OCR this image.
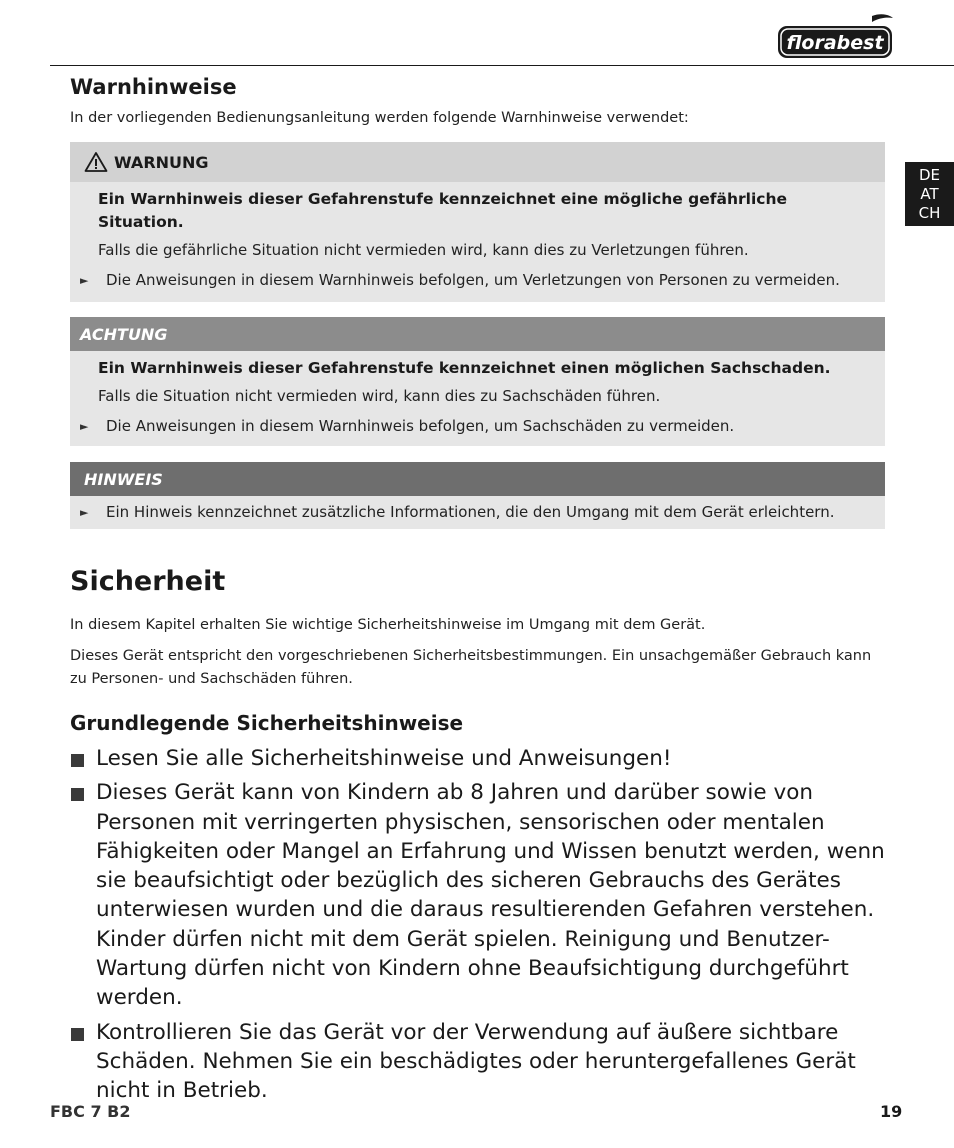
florabest
DE
AT
CH
Warnhinweise
In der vorliegenden Bedienungsanleitung werden folgende Warnhinweise verwendet:
WARNUNG
Ein Warnhinweis dieser Gefahrenstufe kennzeichnet eine mögliche gefährliche Situation.
Falls die gefährliche Situation nicht vermieden wird, kann dies zu Verletzungen führen.
►	Die Anweisungen in diesem Warnhinweis befolgen, um Verletzungen von Personen zu vermeiden.
ACHTUNG
Ein Warnhinweis dieser Gefahrenstufe kennzeichnet einen möglichen Sachschaden.
Falls die Situation nicht vermieden wird, kann dies zu Sachschäden führen.
►	Die Anweisungen in diesem Warnhinweis befolgen, um Sachschäden zu vermeiden.
HINWEIS
►	Ein Hinweis kennzeichnet zusätzliche Informationen, die den Umgang mit dem Gerät erleichtern.
Sicherheit
In diesem Kapitel erhalten Sie wichtige Sicherheitshinweise im Umgang mit dem Gerät.
Dieses Gerät entspricht den vorgeschriebenen Sicherheitsbestimmungen. Ein unsachgemäßer Gebrauch kann zu Personen- und Sachschäden führen.
Grundlegende Sicherheitshinweise
Lesen Sie alle Sicherheitshinweise und Anweisungen!
Dieses Gerät kann von Kindern ab 8 Jahren und darüber sowie von Personen mit verringerten physischen, sensorischen oder mentalen Fähigkeiten oder Mangel an Erfahrung und Wissen benutzt werden, wenn sie beaufsichtigt oder bezüglich des sicheren Gebrauchs des Gerätes unterwiesen wurden und die daraus resultierenden Gefahren verstehen. Kinder dürfen nicht mit dem Gerät spielen. Reinigung und Benutzer-Wartung dürfen nicht von Kindern ohne Beaufsichtigung durchgeführt werden.
Kontrollieren Sie das Gerät vor der Verwendung auf äußere sichtbare Schäden. Nehmen Sie ein beschädigtes oder heruntergefallenes Gerät nicht in Betrieb.
FBC 7 B2	19
